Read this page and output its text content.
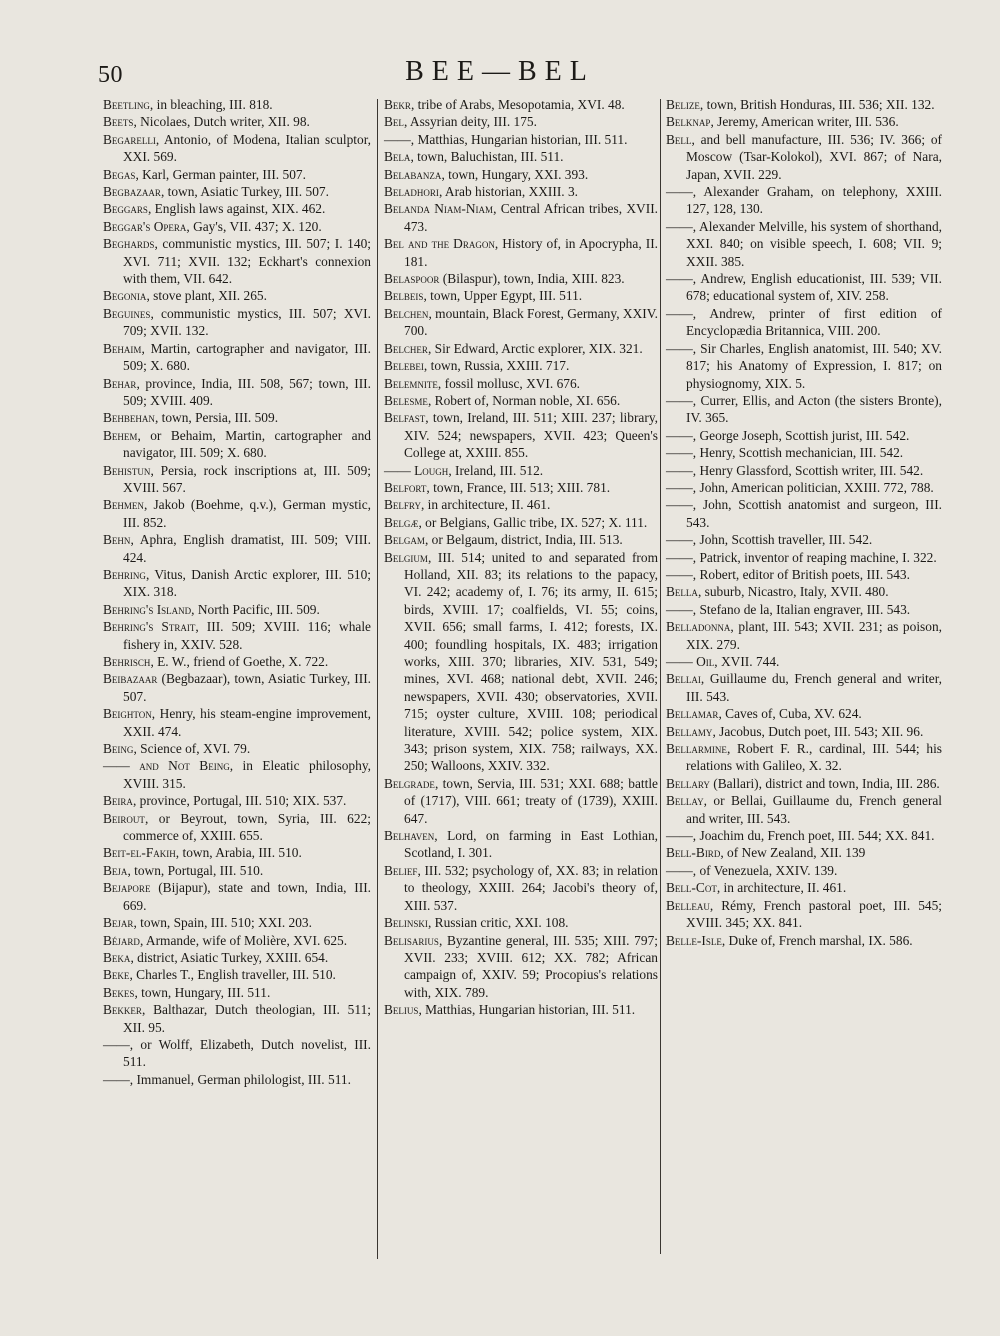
50	BEE—BEL

Beetling, in bleaching, III. 818.

Beets, Nicolaes, Dutch writer, XII. 98.

Begarelli, Antonio, of Modena, Italian sculptor, XXI. 569.

Begas, Karl, German painter, III. 507.

Begbazaar, town, Asiatic Turkey, III. 507.

Beggars, English laws against, XIX. 462.

Beggar's Opera, Gay's, VII. 437; X. 120.

Beghards, communistic mystics, III. 507; I. 140; XVI. 711; XVII. 132; Eckhart's connexion with them, VII. 642.

Begonia, stove plant, XII. 265.

Beguines, communistic mystics, III. 507; XVI. 709; XVII. 132.

Behaim, Martin, cartographer and navigator, III. 509; X. 680.

Behar, province, India, III. 508, 567; town, III. 509; XVIII. 409.

Behbehan, town, Persia, III. 509.

Behem, or Behaim, Martin, cartographer and navigator, III. 509; X. 680.

Behistun, Persia, rock inscriptions at, III. 509; XVIII. 567.

Behmen, Jakob (Boehme, q.v.), German mystic, III. 852.

Behn, Aphra, English dramatist, III. 509; VIII. 424.

Behring, Vitus, Danish Arctic explorer, III. 510; XIX. 318.

Behring's Island, North Pacific, III. 509.

Behring's Strait, III. 509; XVIII. 116; whale fishery in, XXIV. 528.

Behrisch, E. W., friend of Goethe, X. 722.

Beibazaar (Begbazaar), town, Asiatic Turkey, III. 507.

Beighton, Henry, his steam-engine improvement, XXII. 474.

Being, Science of, XVI. 79.

—— and Not Being, in Eleatic philosophy, XVIII. 315.

Beira, province, Portugal, III. 510; XIX. 537.

Beirout, or Beyrout, town, Syria, III. 622; commerce of, XXIII. 655.

Beit-el-Fakih, town, Arabia, III. 510.

Beja, town, Portugal, III. 510.

Bejapore (Bijapur), state and town, India, III. 669.

Bejar, town, Spain, III. 510; XXI. 203.

Béjard, Armande, wife of Molière, XVI. 625.

Beka, district, Asiatic Turkey, XXIII. 654.

Beke, Charles T., English traveller, III. 510.

Bekes, town, Hungary, III. 511.

Bekker, Balthazar, Dutch theologian, III. 511; XII. 95.

——, or Wolff, Elizabeth, Dutch novelist, III. 511.

——, Immanuel, German philologist, III. 511.

Bekr, tribe of Arabs, Mesopotamia, XVI. 48.

Bel, Assyrian deity, III. 175.

——, Matthias, Hungarian historian, III. 511.

Bela, town, Baluchistan, III. 511.

Belabanza, town, Hungary, XXI. 393.

Beladhori, Arab historian, XXIII. 3.

Belanda Niam-Niam, Central African tribes, XVII. 473.

Bel and the Dragon, History of, in Apocrypha, II. 181.

Belaspoor (Bilaspur), town, India, XIII. 823.

Belbeis, town, Upper Egypt, III. 511.

Belchen, mountain, Black Forest, Germany, XXIV. 700.

Belcher, Sir Edward, Arctic explorer, XIX. 321.

Belebei, town, Russia, XXIII. 717.

Belemnite, fossil mollusc, XVI. 676.

Belesme, Robert of, Norman noble, XI. 656.

Belfast, town, Ireland, III. 511; XIII. 237; library, XIV. 524; newspapers, XVII. 423; Queen's College at, XXIII. 855.

—— Lough, Ireland, III. 512.

Belfort, town, France, III. 513; XIII. 781.

Belfry, in architecture, II. 461.

Belgæ, or Belgians, Gallic tribe, IX. 527; X. 111.

Belgam, or Belgaum, district, India, III. 513.

Belgium, III. 514; united to and separated from Holland, XII. 83; its relations to the papacy, VI. 242; academy of, I. 76; its army, II. 615; birds, XVIII. 17; coalfields, VI. 55; coins, XVII. 656; small farms, I. 412; forests, IX. 400; foundling hospitals, IX. 483; irrigation works, XIII. 370; libraries, XIV. 531, 549; mines, XVI. 468; national debt, XVII. 246; newspapers, XVII. 430; observatories, XVII. 715; oyster culture, XVIII. 108; periodical literature, XVIII. 542; police system, XIX. 343; prison system, XIX. 758; railways, XX. 250; Walloons, XXIV. 332.

Belgrade, town, Servia, III. 531; XXI. 688; battle of (1717), VIII. 661; treaty of (1739), XXIII. 647.

Belhaven, Lord, on farming in East Lothian, Scotland, I. 301.

Belief, III. 532; psychology of, XX. 83; in relation to theology, XXIII. 264; Jacobi's theory of, XIII. 537.

Belinski, Russian critic, XXI. 108.

Belisarius, Byzantine general, III. 535; XIII. 797; XVII. 233; XVIII. 612; XX. 782; African campaign of, XXIV. 59; Procopius's relations with, XIX. 789.

Belius, Matthias, Hungarian historian, III. 511.

Belize, town, British Honduras, III. 536; XII. 132.

Belknap, Jeremy, American writer, III. 536.

Bell, and bell manufacture, III. 536; IV. 366; of Moscow (Tsar-Kolokol), XVI. 867; of Nara, Japan, XVII. 229.

——, Alexander Graham, on telephony, XXIII. 127, 128, 130.

——, Alexander Melville, his system of shorthand, XXI. 840; on visible speech, I. 608; VII. 9; XXII. 385.

——, Andrew, English educationist, III. 539; VII. 678; educational system of, XIV. 258.

——, Andrew, printer of first edition of Encyclopædia Britannica, VIII. 200.

——, Sir Charles, English anatomist, III. 540; XV. 817; his Anatomy of Expression, I. 817; on physiognomy, XIX. 5.

——, Currer, Ellis, and Acton (the sisters Bronte), IV. 365.

——, George Joseph, Scottish jurist, III. 542.

——, Henry, Scottish mechanician, III. 542.

——, Henry Glassford, Scottish writer, III. 542.

——, John, American politician, XXIII. 772, 788.

——, John, Scottish anatomist and surgeon, III. 543.

——, John, Scottish traveller, III. 542.

——, Patrick, inventor of reaping machine, I. 322.

——, Robert, editor of British poets, III. 543.

Bella, suburb, Nicastro, Italy, XVII. 480.

——, Stefano de la, Italian engraver, III. 543.

Belladonna, plant, III. 543; XVII. 231; as poison, XIX. 279.

—— Oil, XVII. 744.

Bellai, Guillaume du, French general and writer, III. 543.

Bellamar, Caves of, Cuba, XV. 624.

Bellamy, Jacobus, Dutch poet, III. 543; XII. 96.

Bellarmine, Robert F. R., cardinal, III. 544; his relations with Galileo, X. 32.

Bellary (Ballari), district and town, India, III. 286.

Bellay, or Bellai, Guillaume du, French general and writer, III. 543.

——, Joachim du, French poet, III. 544; XX. 841.

Bell-Bird, of New Zealand, XII. 139

——, of Venezuela, XXIV. 139.

Bell-Cot, in architecture, II. 461.

Belleau, Rémy, French pastoral poet, III. 545; XVIII. 345; XX. 841.

Belle-Isle, Duke of, French marshal, IX. 586.
